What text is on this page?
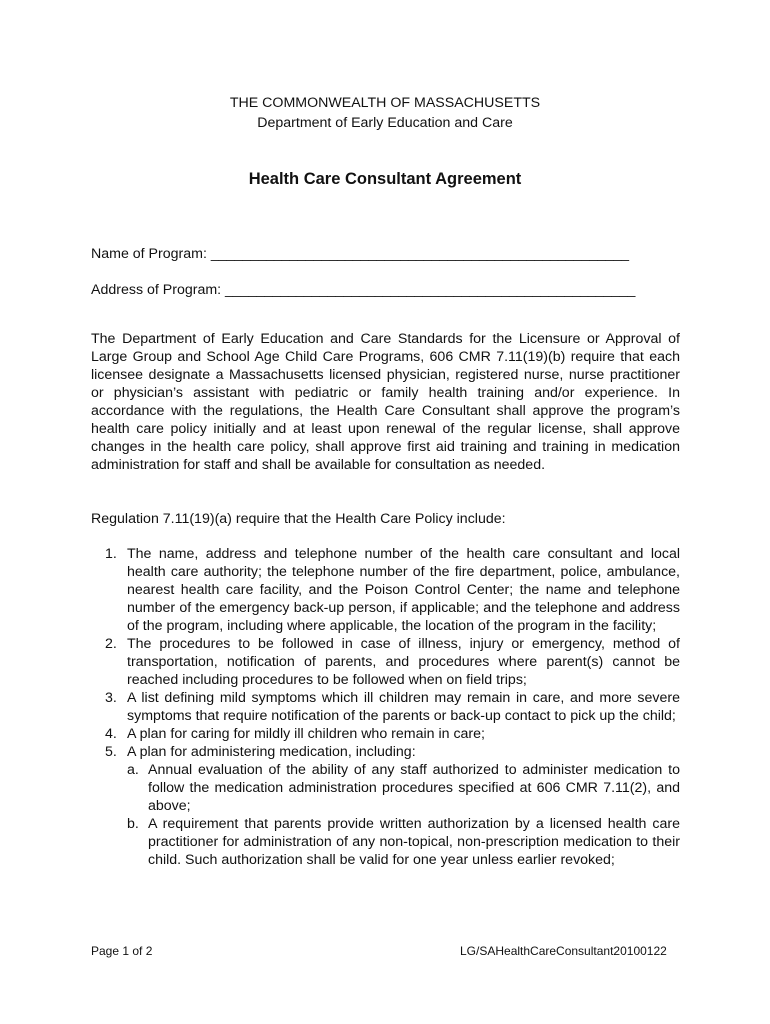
THE COMMONWEALTH OF MASSACHUSETTS
Department of Early Education and Care
Health Care Consultant Agreement
Name of Program: _____________________________________________________
Address of Program: ____________________________________________________
The Department of Early Education and Care Standards for the Licensure or Approval of Large Group and School Age Child Care Programs, 606 CMR 7.11(19)(b) require that each licensee designate a Massachusetts licensed physician, registered nurse, nurse practitioner or physician’s assistant with pediatric or family health training and/or experience. In accordance with the regulations, the Health Care Consultant shall approve the program’s health care policy initially and at least upon renewal of the regular license, shall approve changes in the health care policy, shall approve first aid training and training in medication administration for staff and shall be available for consultation as needed.
Regulation 7.11(19)(a) require that the Health Care Policy include:
1. The name, address and telephone number of the health care consultant and local health care authority; the telephone number of the fire department, police, ambulance, nearest health care facility, and the Poison Control Center; the name and telephone number of the emergency back-up person, if applicable; and the telephone and address of the program, including where applicable, the location of the program in the facility;
2. The procedures to be followed in case of illness, injury or emergency, method of transportation, notification of parents, and procedures where parent(s) cannot be reached including procedures to be followed when on field trips;
3. A list defining mild symptoms which ill children may remain in care, and more severe symptoms that require notification of the parents or back-up contact to pick up the child;
4. A plan for caring for mildly ill children who remain in care;
5. A plan for administering medication, including:
a. Annual evaluation of the ability of any staff authorized to administer medication to follow the medication administration procedures specified at 606 CMR 7.11(2), and above;
b. A requirement that parents provide written authorization by a licensed health care practitioner for administration of any non-topical, non-prescription medication to their child. Such authorization shall be valid for one year unless earlier revoked;
Page 1 of 2	LG/SAHealthCareConsultant20100122
